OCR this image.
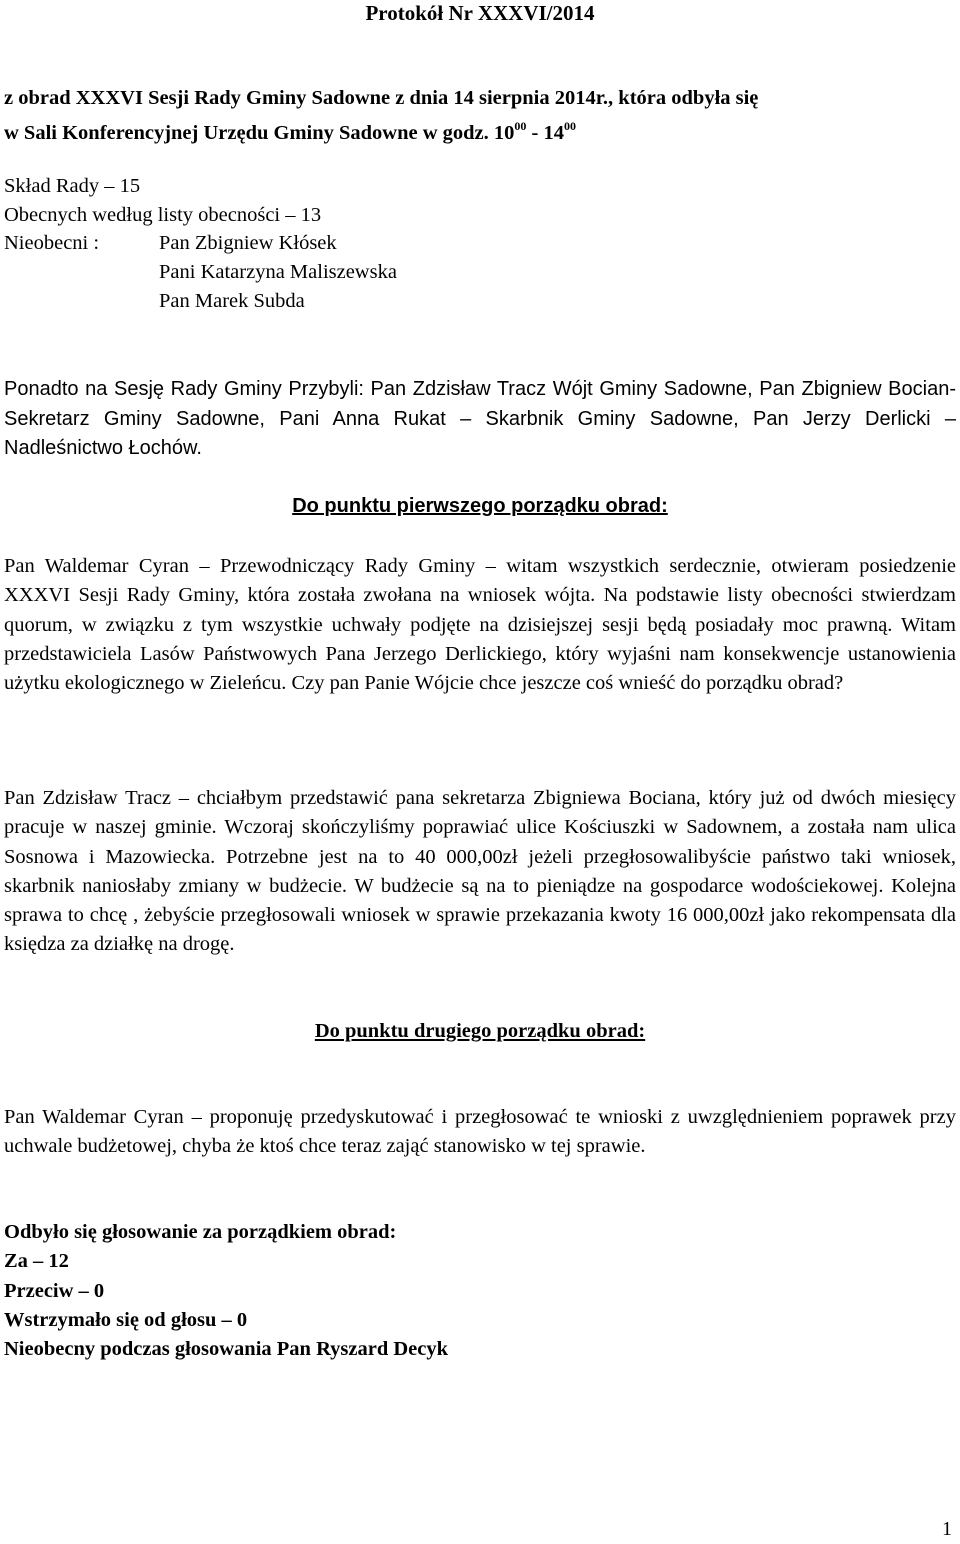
Protokół Nr XXXVI/2014
z obrad XXXVI Sesji Rady Gminy Sadowne z dnia 14 sierpnia 2014r., która odbyła się
w Sali Konferencyjnej Urzędu Gminy Sadowne w godz. $10^{00} - 14^{00}$
Skład Rady – 15
Obecnych według listy obecności – 13
Nieobecni :	Pan Zbigniew Kłósek
Pani Katarzyna Maliszewska
Pan Marek Subda
Ponadto na Sesję Rady Gminy Przybyli: Pan Zdzisław Tracz Wójt Gminy Sadowne, Pan Zbigniew Bocian- Sekretarz Gminy Sadowne, Pani Anna Rukat – Skarbnik Gminy Sadowne, Pan Jerzy Derlicki – Nadleśnictwo Łochów.
Do punktu pierwszego porządku obrad:
Pan Waldemar Cyran – Przewodniczący Rady Gminy – witam wszystkich serdecznie, otwieram posiedzenie XXXVI Sesji Rady Gminy, która została zwołana na wniosek wójta. Na podstawie listy obecności stwierdzam quorum, w związku z tym wszystkie uchwały podjęte na dzisiejszej sesji będą posiadały moc prawną. Witam przedstawiciela Lasów Państwowych Pana Jerzego Derlickiego, który wyjaśni nam konsekwencje ustanowienia użytku ekologicznego w Zieleńcu. Czy pan Panie Wójcie chce jeszcze coś wnieść do porządku obrad?
Pan Zdzisław Tracz – chciałbym przedstawić pana sekretarza Zbigniewa Bociana, który już od dwóch miesięcy pracuje w naszej gminie. Wczoraj skończyliśmy poprawiać ulice Kościuszki w Sadownem, a została nam ulica Sosnowa i Mazowiecka. Potrzebne jest na to 40 000,00zł jeżeli przegłosowalibyście państwo taki wniosek, skarbnik naniosłaby zmiany w budżecie. W budżecie są na to pieniądze na gospodarce wodościekowej. Kolejna sprawa to chcę , żebyście przegłosowali wniosek w sprawie przekazania kwoty 16 000,00zł jako rekompensata dla księdza za działkę na drogę.
Do punktu drugiego porządku obrad:
Pan Waldemar Cyran – proponuję przedyskutować i przegłosować te wnioski z uwzględnieniem poprawek przy uchwale budżetowej, chyba że ktoś chce teraz zająć stanowisko w tej sprawie.
Odbyło się głosowanie za porządkiem obrad:
Za – 12
Przeciw – 0
Wstrzymało się od głosu – 0
Nieobecny podczas głosowania Pan Ryszard Decyk
1
